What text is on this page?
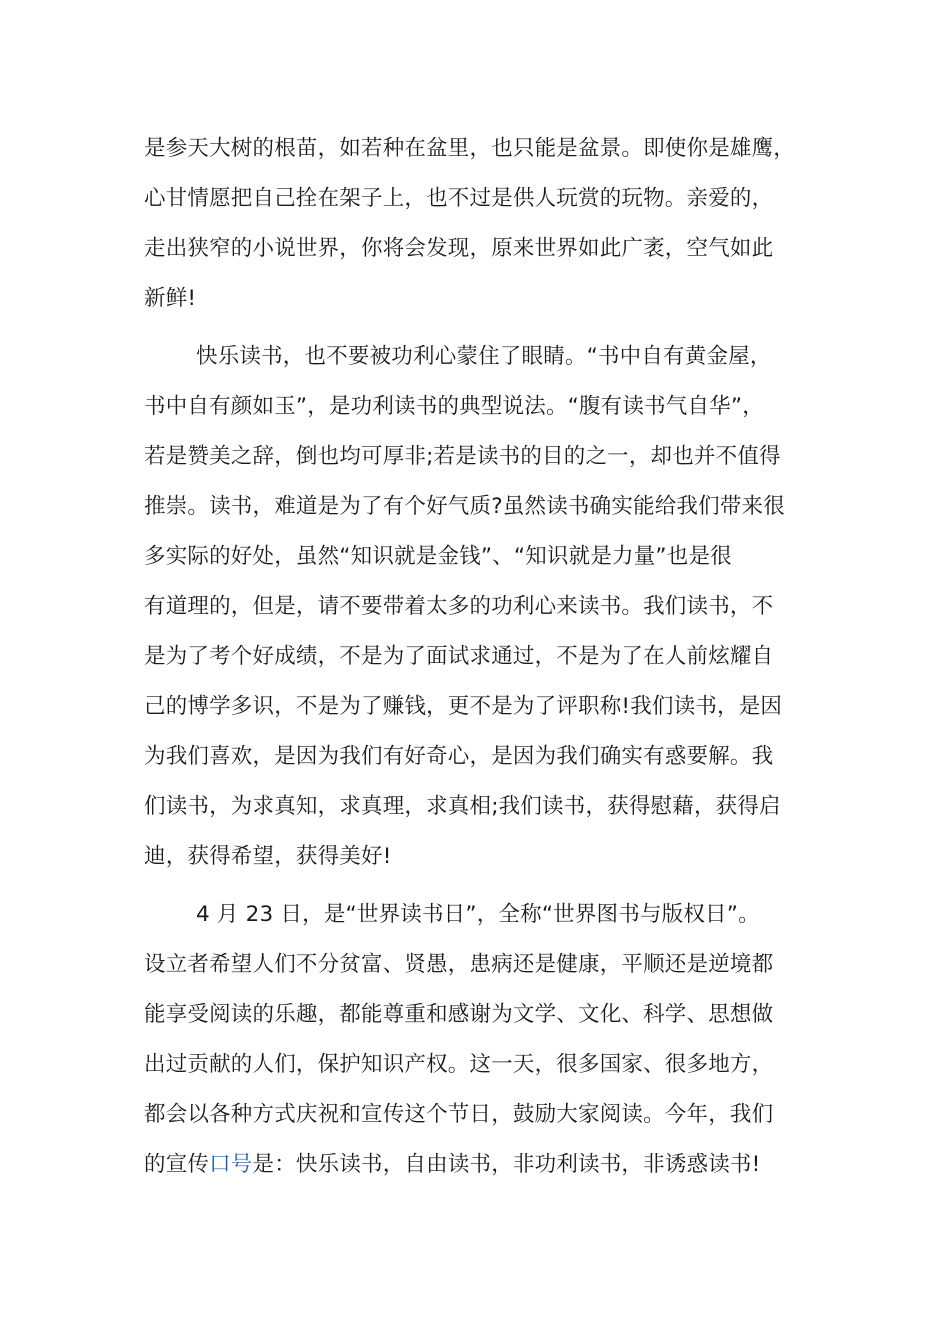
是参天大树的根苗，如若种在盆里，也只能是盆景。即使你是雄鹰，
心甘情愿把自己拴在架子上，也不过是供人玩赏的玩物。亲爱的，
走出狭窄的小说世界，你将会发现，原来世界如此广袤，空气如此
新鲜!
快乐读书，也不要被功利心蒙住了眼睛。“书中自有黄金屋，
书中自有颜如玉”，是功利读书的典型说法。“腹有读书气自华”，
若是赞美之辞，倒也均可厚非;若是读书的目的之一，却也并不值得
推崇。读书，难道是为了有个好气质?虽然读书确实能给我们带来很
多实际的好处，虽然“知识就是金钱”、“知识就是力量”也是很
有道理的，但是，请不要带着太多的功利心来读书。我们读书，不
是为了考个好成绩，不是为了面试求通过，不是为了在人前炫耀自
己的博学多识，不是为了赚钱，更不是为了评职称!我们读书，是因
为我们喜欢，是因为我们有好奇心，是因为我们确实有惑要解。我
们读书，为求真知，求真理，求真相;我们读书，获得慰藉，获得启
迪，获得希望，获得美好!
4 月 23 日，是“世界读书日”，全称“世界图书与版权日”。
设立者希望人们不分贫富、贤愚，患病还是健康，平顺还是逆境都
能享受阅读的乐趣，都能尊重和感谢为文学、文化、科学、思想做
出过贡献的人们，保护知识产权。这一天，很多国家、很多地方，
都会以各种方式庆祝和宣传这个节日，鼓励大家阅读。今年，我们
的宣传口号是：快乐读书，自由读书，非功利读书，非诱惑读书!
